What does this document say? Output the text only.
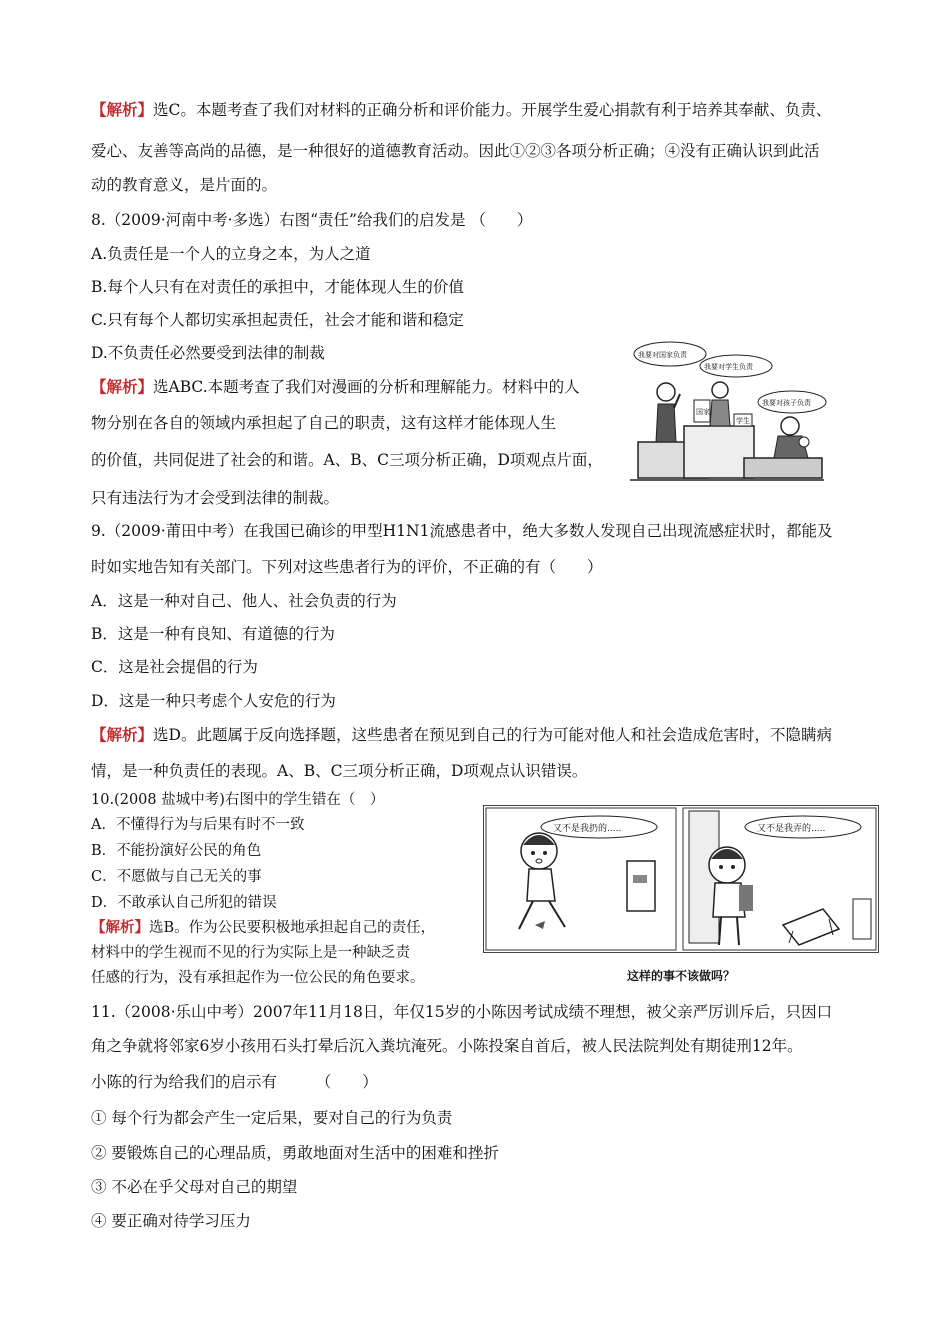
【解析】选C。本题考查了我们对材料的正确分析和评价能力。开展学生爱心捐款有利于培养其奉献、负责、
爱心、友善等高尚的品德，是一种很好的道德教育活动。因此①②③各项分析正确；④没有正确认识到此活
动的教育意义，是片面的。
8.（2009·河南中考·多选）右图“责任”给我们的启发是 （　　）
A.负责任是一个人的立身之本，为人之道
B.每个人只有在对责任的承担中，才能体现人生的价值
C.只有每个人都切实承担起责任，社会才能和谐和稳定
D.不负责任必然要受到法律的制裁
【解析】选ABC.本题考查了我们对漫画的分析和理解能力。材料中的人
物分别在各自的领域内承担起了自己的职责，这有这样才能体现人生
的价值，共同促进了社会的和谐。A、B、C三项分析正确，D项观点片面，
只有违法行为才会受到法律的制裁。
国家
学生
我要对国家负责
我要对学生负责
我要对孩子负责
9.（2009·莆田中考）在我国已确诊的甲型H1N1流感患者中，绝大多数人发现自己出现流感症状时，都能及
时如实地告知有关部门。下列对这些患者行为的评价，不正确的有（　　）
A．这是一种对自己、他人、社会负责的行为
B．这是一种有良知、有道德的行为
C．这是社会提倡的行为
D．这是一种只考虑个人安危的行为
【解析】选D。此题属于反向选择题，这些患者在预见到自己的行为可能对他人和社会造成危害时，不隐瞒病
情，是一种负责任的表现。A、B、C三项分析正确，D项观点认识错误。
10.(2008 盐城中考)右图中的学生错在（　）
A．不懂得行为与后果有时不一致
B．不能扮演好公民的角色
C．不愿做与自己无关的事
D．不敢承认自己所犯的错误
【解析】选B。作为公民要积极地承担起自己的责任，
材料中的学生视而不见的行为实际上是一种缺乏责
任感的行为，没有承担起作为一位公民的角色要求。
又不是我扔的.....	又不是我弄的.....
这样的事不该做吗？
11.（2008·乐山中考）2007年11月18日，年仅15岁的小陈因考试成绩不理想，被父亲严厉训斥后，只因口
角之争就将邻家6岁小孩用石头打晕后沉入粪坑淹死。小陈投案自首后，被人民法院判处有期徒刑12年。
小陈的行为给我们的启示有　　　（　　）
① 每个行为都会产生一定后果，要对自己的行为负责
② 要锻炼自己的心理品质，勇敢地面对生活中的困难和挫折
③ 不必在乎父母对自己的期望
④ 要正确对待学习压力
